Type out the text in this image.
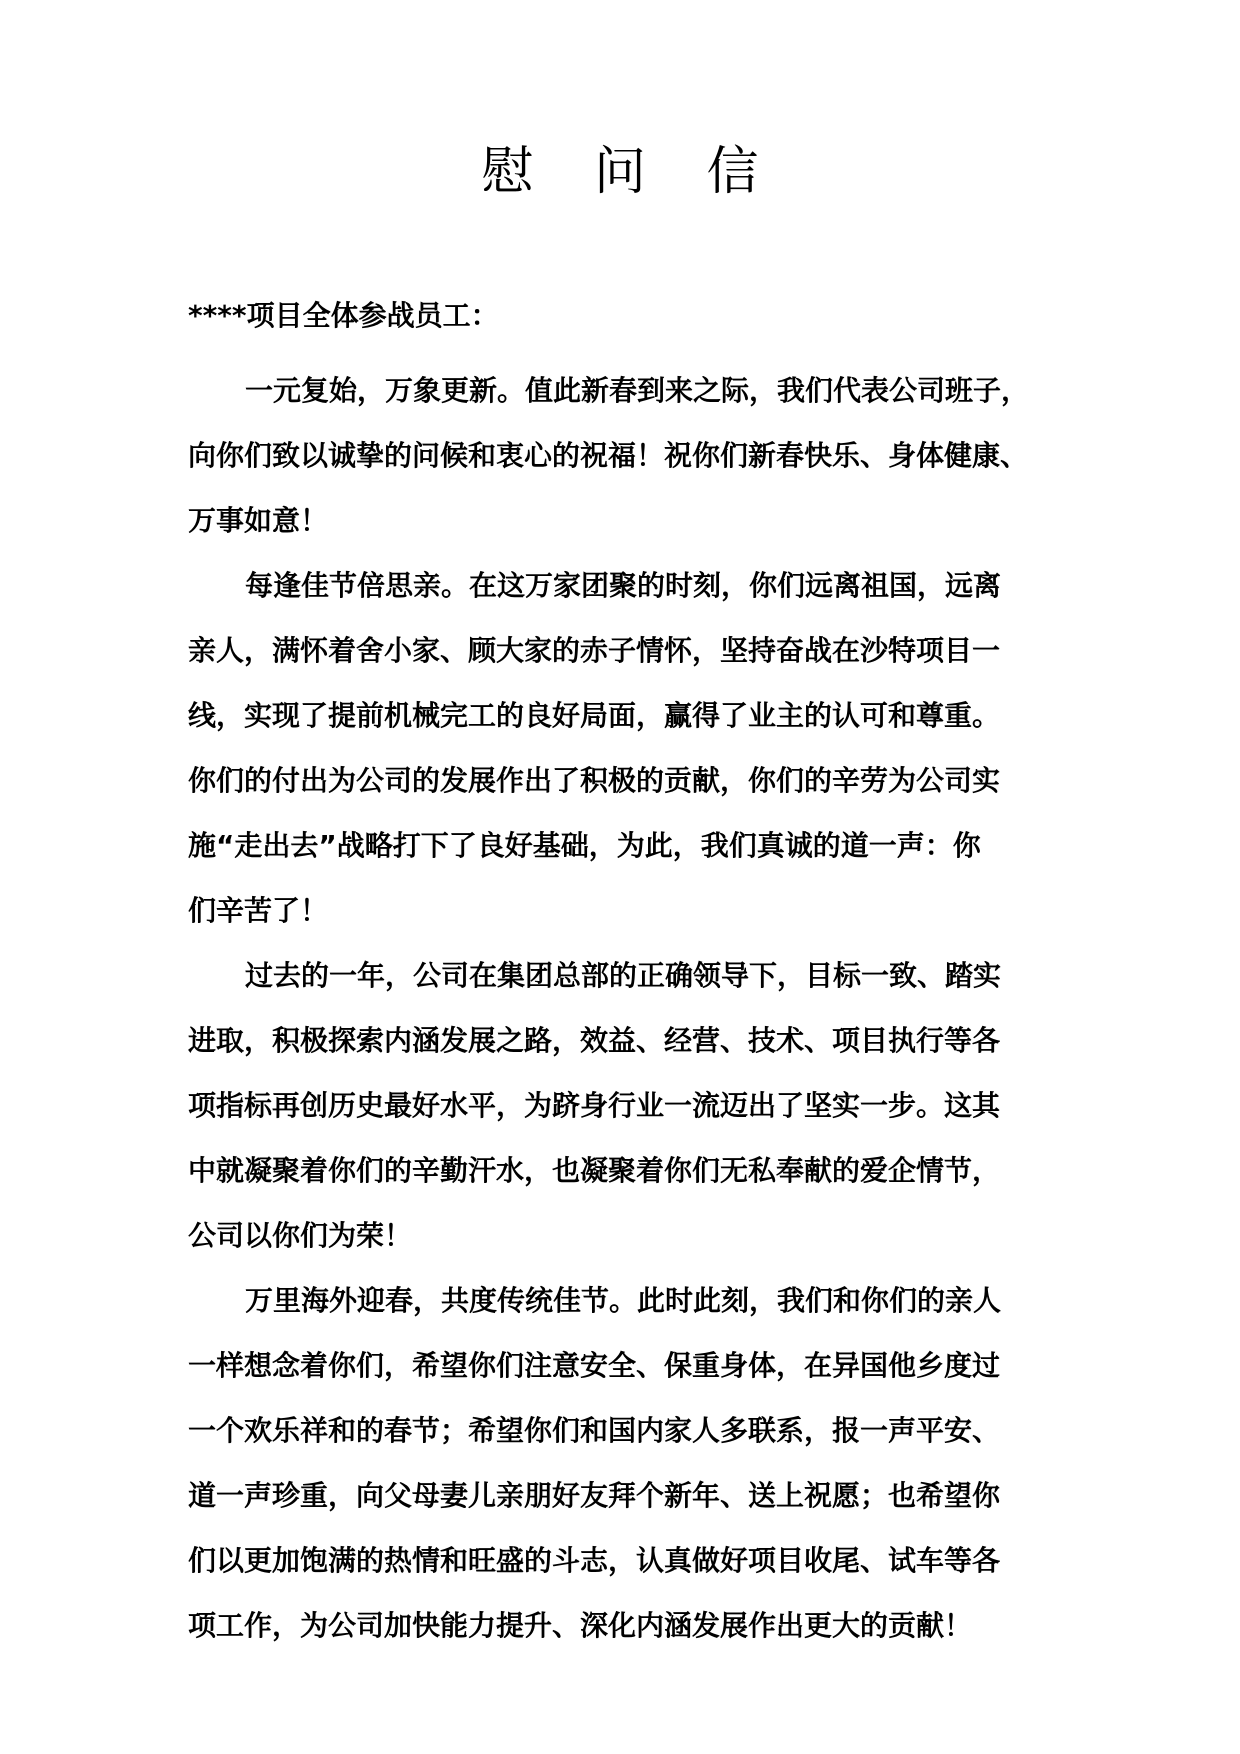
慰 问 信
****项目全体参战员工：

一元复始，万象更新。值此新春到来之际，我们代表公司班子，
向你们致以诚挚的问候和衷心的祝福！祝你们新春快乐、身体健康、
万事如意！

每逢佳节倍思亲。在这万家团聚的时刻，你们远离祖国，远离
亲人，满怀着舍小家、顾大家的赤子情怀，坚持奋战在沙特项目一
线，实现了提前机械完工的良好局面，赢得了业主的认可和尊重。
你们的付出为公司的发展作出了积极的贡献，你们的辛劳为公司实
施“走出去”战略打下了良好基础，为此，我们真诚的道一声：你
们辛苦了！

过去的一年，公司在集团总部的正确领导下，目标一致、踏实
进取，积极探索内涵发展之路，效益、经营、技术、项目执行等各
项指标再创历史最好水平，为跻身行业一流迈出了坚实一步。这其
中就凝聚着你们的辛勤汗水，也凝聚着你们无私奉献的爱企情节，
公司以你们为荣！

万里海外迎春，共度传统佳节。此时此刻，我们和你们的亲人
一样想念着你们，希望你们注意安全、保重身体，在异国他乡度过
一个欢乐祥和的春节；希望你们和国内家人多联系，报一声平安、
道一声珍重，向父母妻儿亲朋好友拜个新年、送上祝愿；也希望你
们以更加饱满的热情和旺盛的斗志，认真做好项目收尾、试车等各
项工作，为公司加快能力提升、深化内涵发展作出更大的贡献！
